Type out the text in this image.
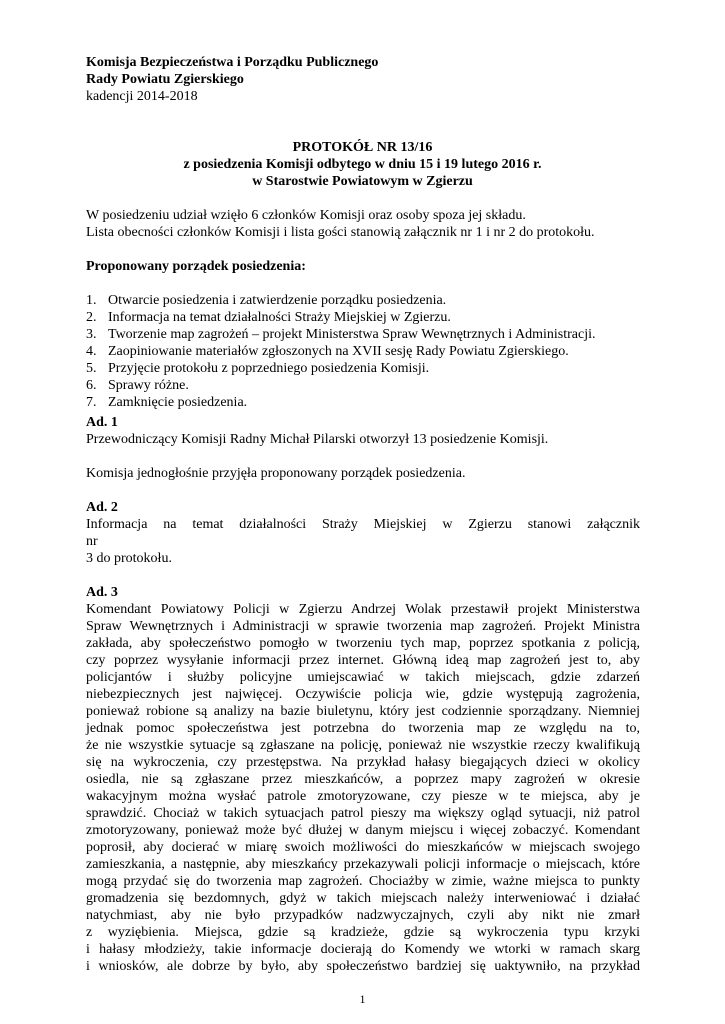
Komisja Bezpieczeństwa i Porządku Publicznego
Rady Powiatu Zgierskiego
kadencji 2014-2018
PROTOKÓŁ NR 13/16
z posiedzenia Komisji odbytego w dniu 15 i 19 lutego 2016 r.
w Starostwie Powiatowym w Zgierzu
W posiedzeniu udział wzięło 6 członków Komisji oraz osoby spoza jej składu.
Lista obecności członków Komisji i lista gości stanowią załącznik nr 1 i nr 2 do protokołu.
Proponowany porządek posiedzenia:
1. Otwarcie posiedzenia i zatwierdzenie porządku posiedzenia.
2. Informacja na temat działalności Straży Miejskiej w Zgierzu.
3. Tworzenie map zagrożeń – projekt Ministerstwa Spraw Wewnętrznych i Administracji.
4. Zaopiniowanie materiałów zgłoszonych na XVII sesję Rady Powiatu Zgierskiego.
5. Przyjęcie protokołu z poprzedniego posiedzenia Komisji.
6. Sprawy różne.
7. Zamknięcie posiedzenia.
Ad. 1
Przewodniczący Komisji Radny Michał Pilarski otworzył 13 posiedzenie Komisji.
Komisja jednogłośnie przyjęła proponowany porządek posiedzenia.
Ad. 2
Informacja na temat działalności Straży Miejskiej w Zgierzu stanowi załącznik
nr
3 do protokołu.
Ad. 3
Komendant Powiatowy Policji w Zgierzu Andrzej Wolak przestawił projekt Ministerstwa
Spraw Wewnętrznych i Administracji w sprawie tworzenia map zagrożeń. Projekt Ministra
zakłada, aby społeczeństwo pomogło w tworzeniu tych map, poprzez spotkania z policją,
czy poprzez wysyłanie informacji przez internet. Główną ideą map zagrożeń jest to, aby
policjantów i służby policyjne umiejscawiać w takich miejscach, gdzie zdarzeń
niebezpiecznych jest najwięcej. Oczywiście policja wie, gdzie występują zagrożenia,
ponieważ robione są analizy na bazie biuletynu, który jest codziennie sporządzany. Niemniej
jednak pomoc społeczeństwa jest potrzebna do tworzenia map ze względu na to,
że nie wszystkie sytuacje są zgłaszane na policję, ponieważ nie wszystkie rzeczy kwalifikują
się na wykroczenia, czy przestępstwa. Na przykład hałasy biegających dzieci w okolicy
osiedla, nie są zgłaszane przez mieszkańców, a poprzez mapy zagrożeń w okresie
wakacyjnym można wysłać patrole zmotoryzowane, czy piesze w te miejsca, aby je
sprawdzić. Chociaż w takich sytuacjach patrol pieszy ma większy ogląd sytuacji, niż patrol
zmotoryzowany, ponieważ może być dłużej w danym miejscu i więcej zobaczyć. Komendant
poprosił, aby docierać w miarę swoich możliwości do mieszkańców w miejscach swojego
zamieszkania, a następnie, aby mieszkańcy przekazywali policji informacje o miejscach, które
mogą przydać się do tworzenia map zagrożeń. Chociażby w zimie, ważne miejsca to punkty
gromadzenia się bezdomnych, gdyż w takich miejscach należy interweniować i działać
natychmiast, aby nie było przypadków nadzwyczajnych, czyli aby nikt nie zmarł
z wyziębienia. Miejsca, gdzie są kradzieże, gdzie są wykroczenia typu krzyki
i hałasy młodzieży, takie informacje docierają do Komendy we wtorki w ramach skarg
i wniosków, ale dobrze by było, aby społeczeństwo bardziej się uaktywniło, na przykład
1
